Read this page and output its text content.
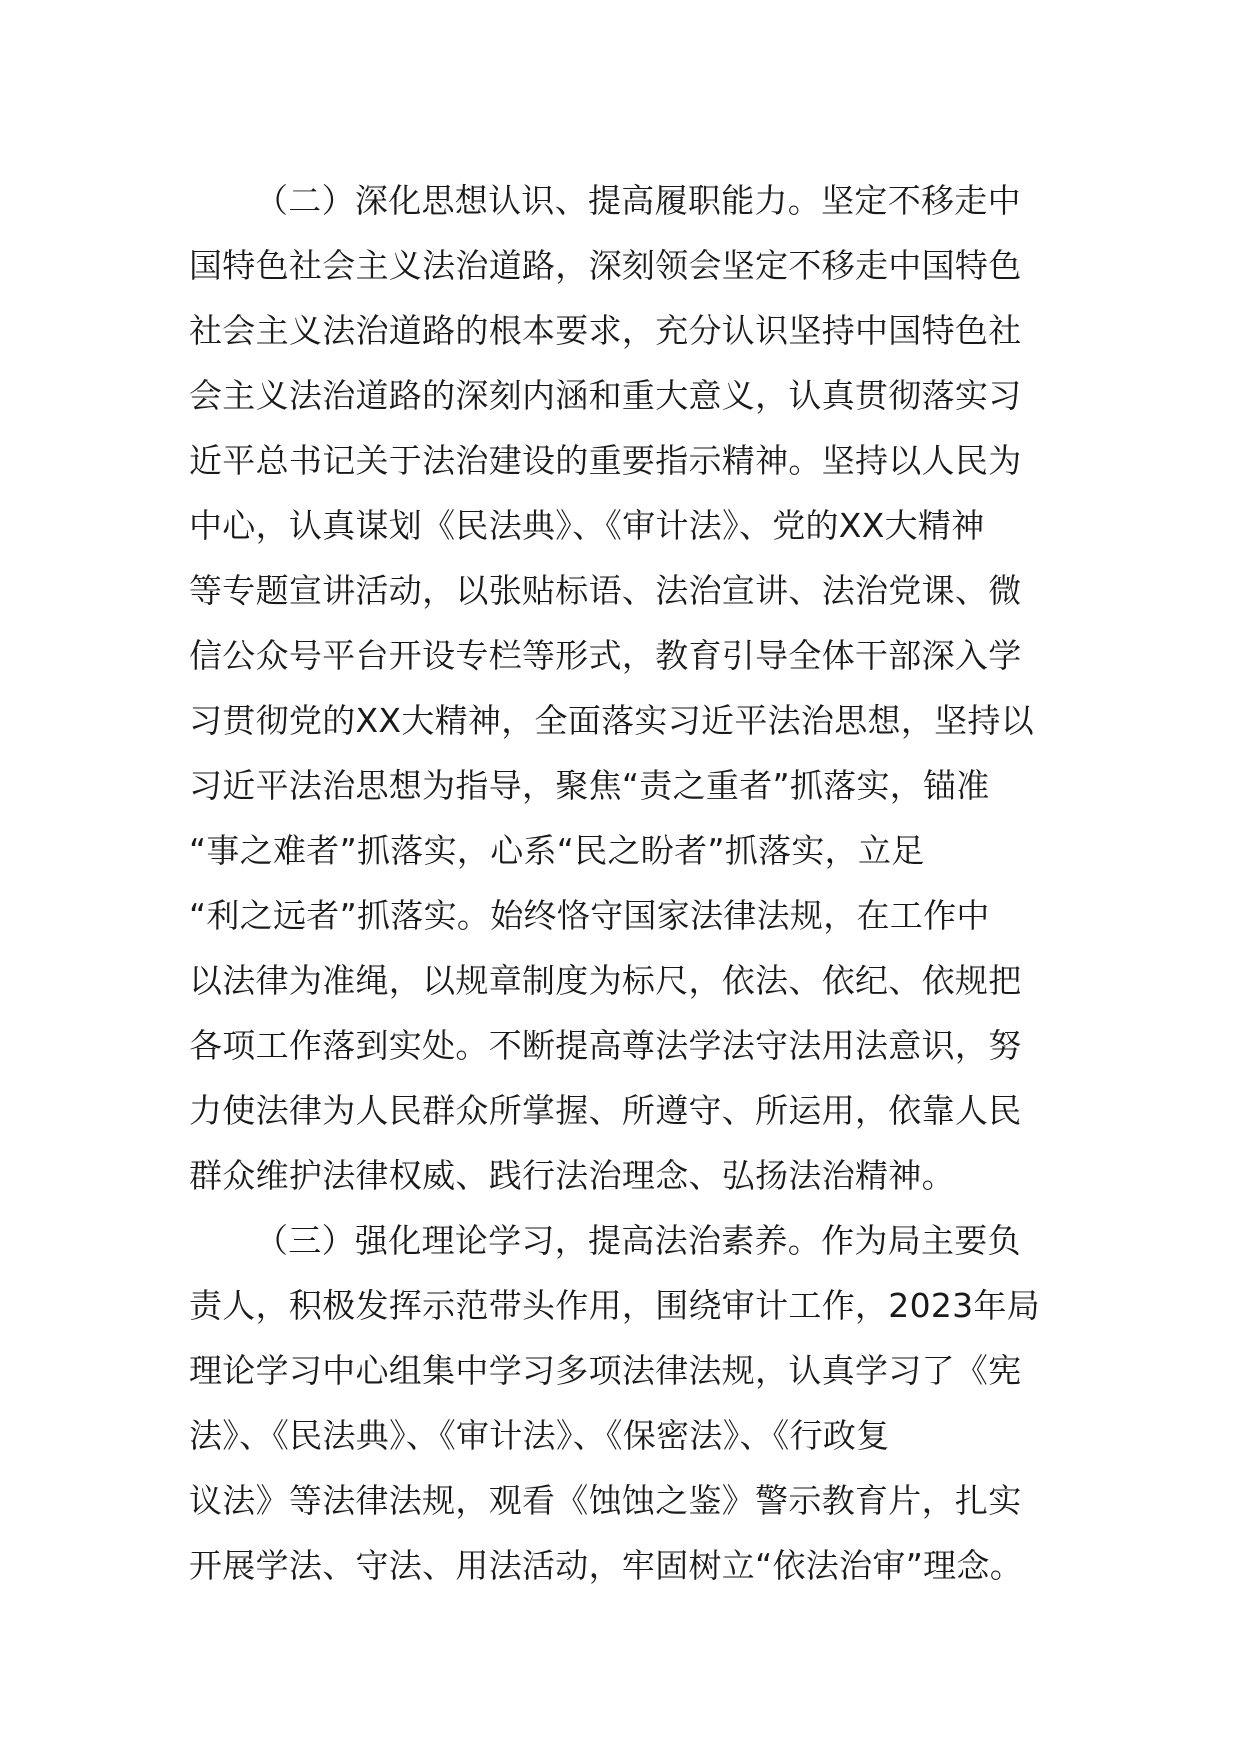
（二）深化思想认识、提高履职能力。坚定不移走中
国特色社会主义法治道路，深刻领会坚定不移走中国特色
社会主义法治道路的根本要求，充分认识坚持中国特色社
会主义法治道路的深刻内涵和重大意义，认真贯彻落实习
近平总书记关于法治建设的重要指示精神。坚持以人民为
中心，认真谋划《民法典》、《审计法》、党的XX大精神
等专题宣讲活动，以张贴标语、法治宣讲、法治党课、微
信公众号平台开设专栏等形式，教育引导全体干部深入学
习贯彻党的XX大精神，全面落实习近平法治思想，坚持以
习近平法治思想为指导，聚焦“责之重者”抓落实，锚准
“事之难者”抓落实，心系“民之盼者”抓落实，立足
“利之远者”抓落实。始终恪守国家法律法规，在工作中
以法律为准绳，以规章制度为标尺，依法、依纪、依规把
各项工作落到实处。不断提高尊法学法守法用法意识，努
力使法律为人民群众所掌握、所遵守、所运用，依靠人民
群众维护法律权威、践行法治理念、弘扬法治精神。
（三）强化理论学习，提高法治素养。作为局主要负
责人，积极发挥示范带头作用，围绕审计工作，2023年局
理论学习中心组集中学习多项法律法规，认真学习了《宪
法》、《民法典》、《审计法》、《保密法》、《行政复
议法》等法律法规，观看《蚀蚀之鉴》警示教育片，扎实
开展学法、守法、用法活动，牢固树立“依法治审”理念。
